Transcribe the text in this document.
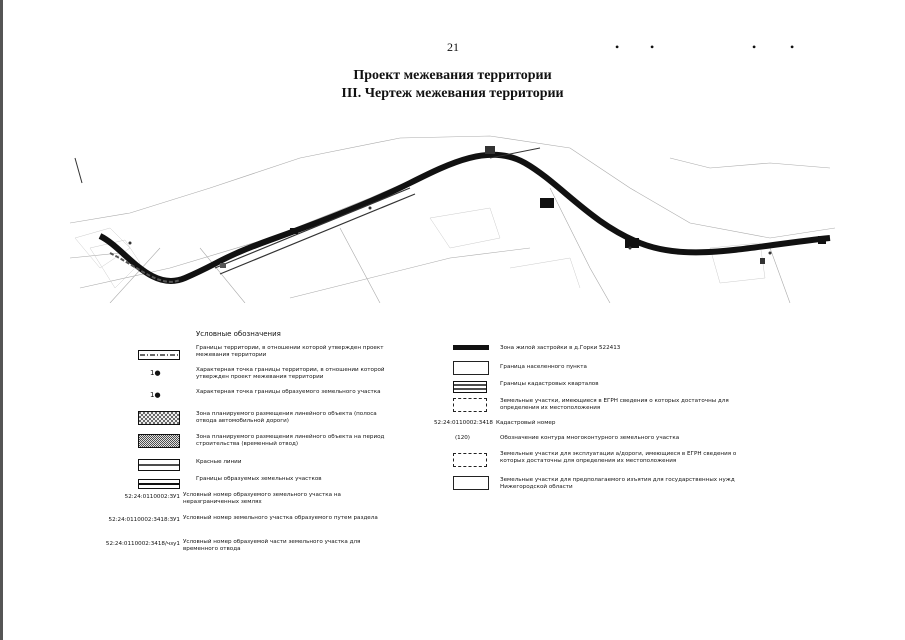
21	•	•	•	•
Проект межевания территории
III. Чертеж межевания территории
Условные обозначения
Границы территории, в отношении которой утвержден проект межевания территории
1●	Характерная точка границы территории, в отношении которой утвержден проект межевания территории
1●	Характерная точка границы образуемого земельного участка
Зона планируемого размещения линейного объекта (полоса отвода автомобильной дороги)
Зона планируемого размещения линейного объекта на период строительства (временный отвод)
Красные линии
Границы образуемых земельных участков
52:24:0110002:ЗУ1 Условный номер образуемого земельного участка на неразграниченных землях
52:24:0110002:3418:ЗУ1 Условный номер земельного участка образуемого путем раздела
52:24:0110002:3418/чзу1 Условный номер образуемой части земельного участка для временного отвода
Зона жилой застройки в д.Горки 522413
Граница населенного пункта
Границы кадастровых кварталов
Земельные участки, имеющиеся в ЕГРН сведения о которых достаточны для определения их местоположения
52:24:0110002:3418 Кадастровый номер
(120)	Обозначение контура многоконтурного земельного участка
Земельные участки для эксплуатации а/дороги, имеющиеся в ЕГРН сведения о которых достаточны для определения их местоположения
Земельные участки для предполагаемого изъятия для государственных нужд Нижегородской области
